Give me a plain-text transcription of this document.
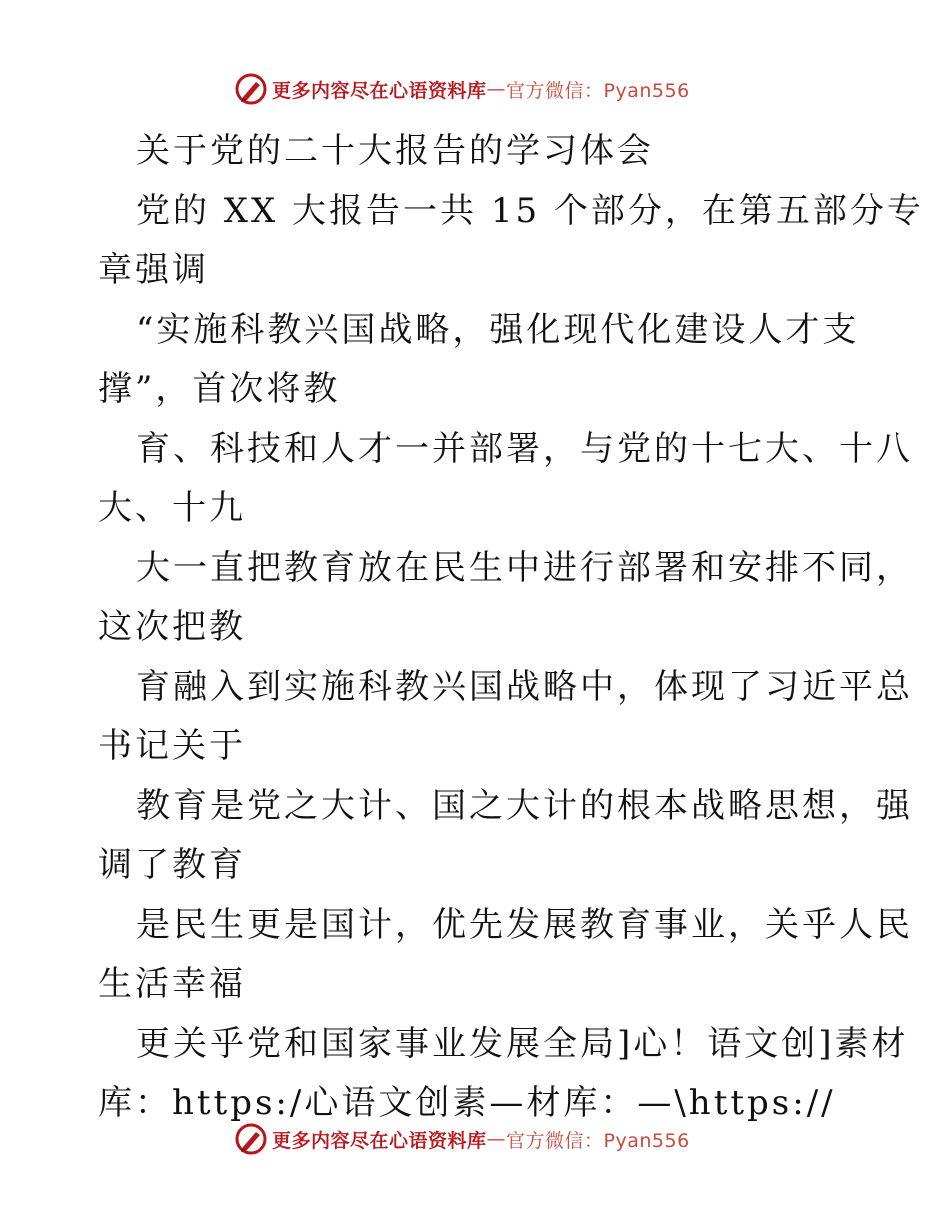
更多内容尽在心语资料库 — 官方微信：Pyan556
关于党的二十大报告的学习体会
党的 XX 大报告一共 15 个部分，在第五部分专
章强调
“实施科教兴国战略，强化现代化建设人才支
撑”，首次将教
育、科技和人才一并部署，与党的十七大、十八
大、十九
大一直把教育放在民生中进行部署和安排不同，
这次把教
育融入到实施科教兴国战略中，体现了习近平总
书记关于
教育是党之大计、国之大计的根本战略思想，强
调了教育
是民生更是国计，优先发展教育事业，关乎人民
生活幸福
更关乎党和国家事业发展全局]心！语文创]素材
库：https:/心语文创素—材库：—\https://
更多内容尽在心语资料库 — 官方微信：Pyan556
